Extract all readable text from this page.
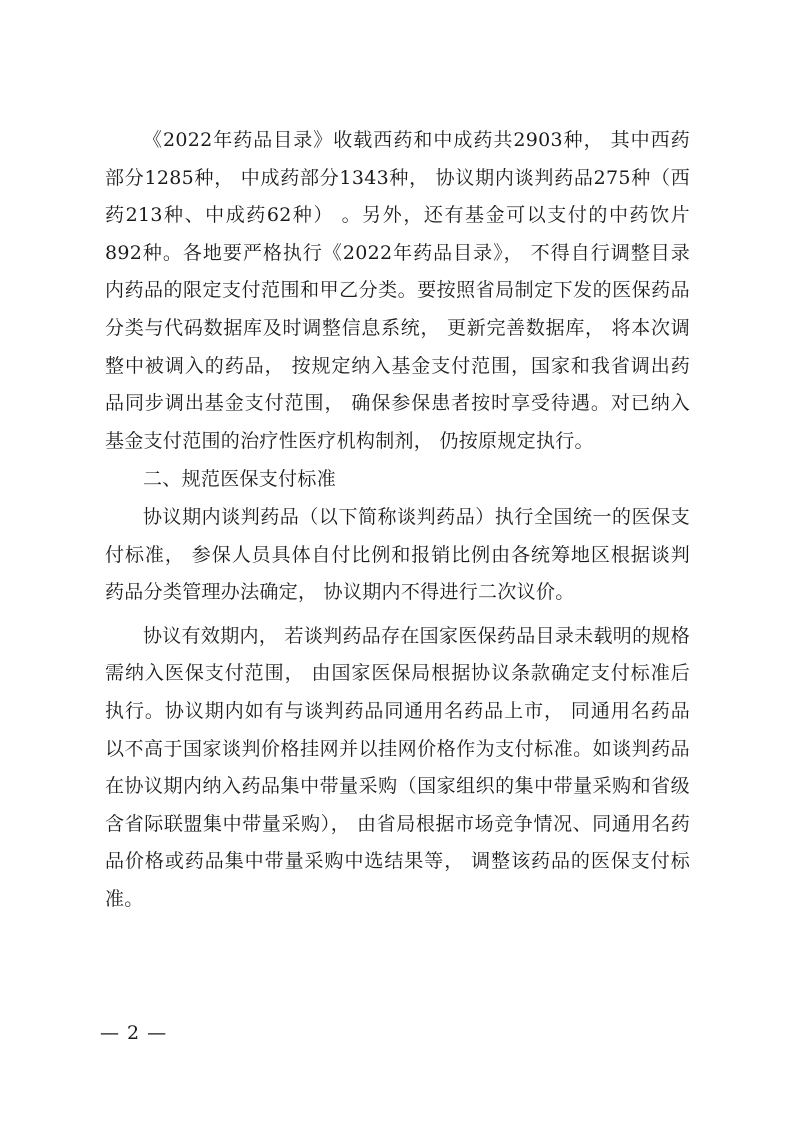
《2022年药品目录》收载西药和中成药共2903种， 其中西药部分1285种， 中成药部分1343种， 协议期内谈判药品275种（西药213种、中成药62种） 。另外，还有基金可以支付的中药饮片892种。各地要严格执行《2022年药品目录》， 不得自行调整目录内药品的限定支付范围和甲乙分类。要按照省局制定下发的医保药品分类与代码数据库及时调整信息系统， 更新完善数据库， 将本次调整中被调入的药品， 按规定纳入基金支付范围，国家和我省调出药品同步调出基金支付范围， 确保参保患者按时享受待遇。对已纳入基金支付范围的治疗性医疗机构制剂， 仍按原规定执行。

二、规范医保支付标准

协议期内谈判药品（以下简称谈判药品）执行全国统一的医保支付标准， 参保人员具体自付比例和报销比例由各统筹地区根据谈判药品分类管理办法确定， 协议期内不得进行二次议价。

协议有效期内， 若谈判药品存在国家医保药品目录未载明的规格需纳入医保支付范围， 由国家医保局根据协议条款确定支付标准后执行。协议期内如有与谈判药品同通用名药品上市， 同通用名药品以不高于国家谈判价格挂网并以挂网价格作为支付标准。如谈判药品在协议期内纳入药品集中带量采购（国家组织的集中带量采购和省级含省际联盟集中带量采购）， 由省局根据市场竞争情况、同通用名药品价格或药品集中带量采购中选结果等， 调整该药品的医保支付标准。

— 2 —
